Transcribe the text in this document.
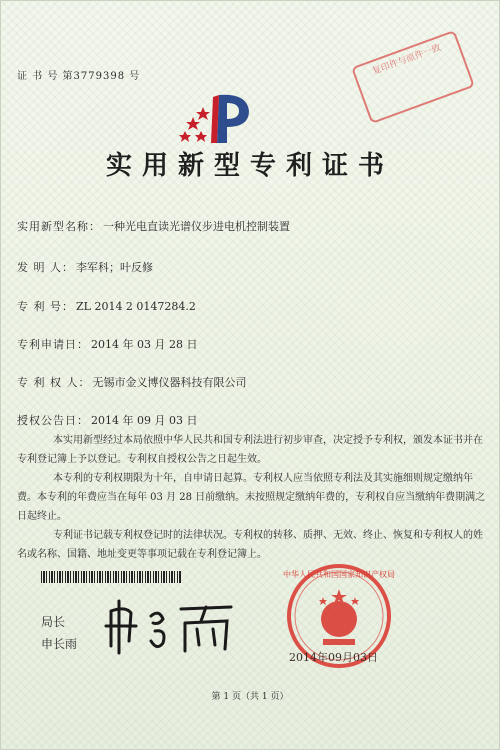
证 书 号 第3779398 号	复印件与原件一致
实用新型专利证书
实用新型名称： 一种光电直读光谱仪步进电机控制装置
发 明 人： 李军科；叶反修
专 利 号： ZL 2014 2 0147284.2
专利申请日： 2014 年 03 月 28 日
专 利 权 人： 无锡市金义博仪器科技有限公司
授权公告日： 2014 年 09 月 03 日

本实用新型经过本局依照中华人民共和国专利法进行初步审查，决定授予专利权，颁发本证书并在专利登记簿上予以登记。专利权自授权公告之日起生效。

本专利的专利权期限为十年，自申请日起算。专利权人应当依照专利法及其实施细则规定缴纳年费。本专利的年费应当在每年 03 月 28 日前缴纳。未按照规定缴纳年费的，专利权自应当缴纳年费期满之日起终止。

专利证书记载专利权登记时的法律状况。专利权的转移、质押、无效、终止、恢复和专利权人的姓名或名称、国籍、地址变更等事项记载在专利登记簿上。

局长
申长雨
中华人民共和国国家知识产权局
2014年09月03日
第 1 页（共 1 页）
